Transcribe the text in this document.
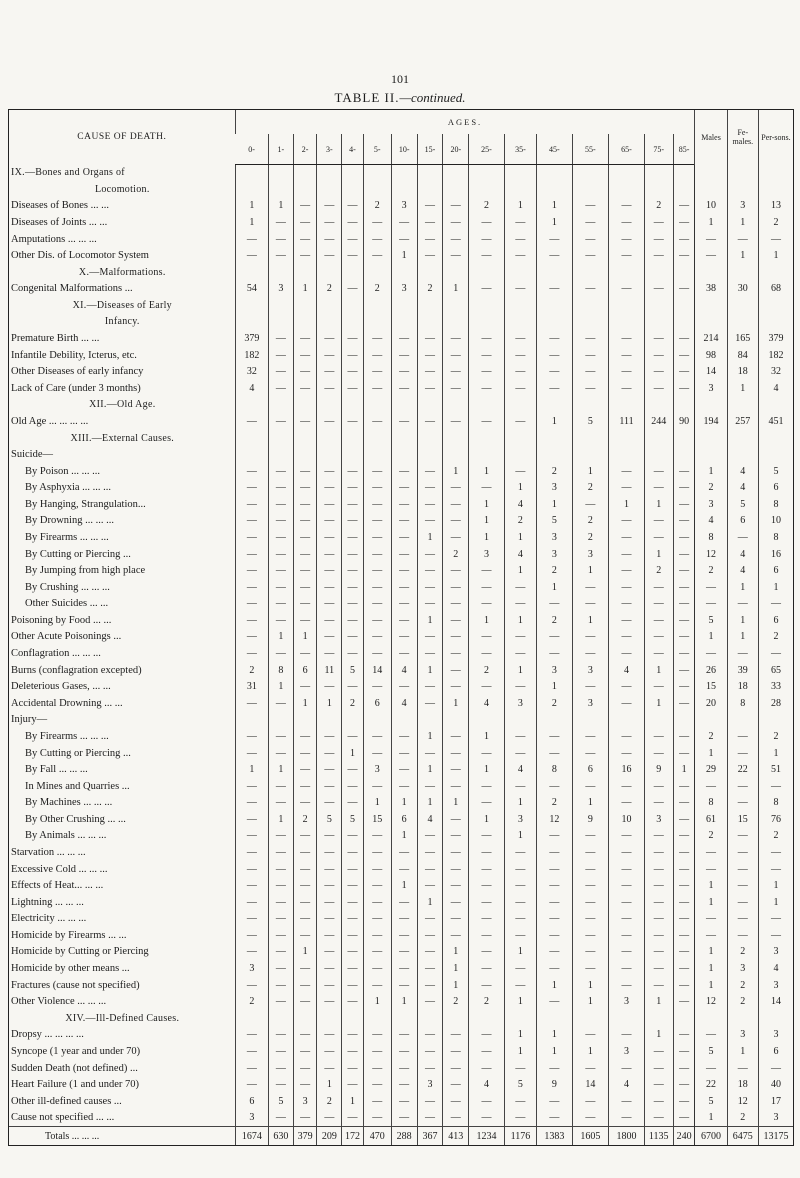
101
TABLE II.—continued.
CAUSE OF DEATH.	AGES.																Males	Fe-males.	Per-sons.
	0-	1-	2-	3-	4-	5-	10-	15-	20-	25-	35-	45-	55-	65-	75-	85-			
IX.—Bones and Organs of																			
Locomotion.																			
Diseases of Bones ... ...	1	1	—	—	—	2	3	—	—	2	1	1	—	—	2	—	10	3	13
Diseases of Joints ... ...	1	—	—	—	—	—	—	—	—	—	—	1	—	—	—	—	1	1	2
Amputations ... ... ...	—	—	—	—	—	—	—	—	—	—	—	—	—	—	—	—	—	—	—
Other Dis. of Locomotor System	—	—	—	—	—	—	1	—	—	—	—	—	—	—	—	—	—	1	1
X.—Malformations.																			
Congenital Malformations ...	54	3	1	2	—	2	3	2	1	—	—	—	—	—	—	—	38	30	68
XI.—Diseases of Early																			
Infancy.																			
Premature Birth ... ...	379	—	—	—	—	—	—	—	—	—	—	—	—	—	—	—	214	165	379
Infantile Debility, Icterus, etc.	182	—	—	—	—	—	—	—	—	—	—	—	—	—	—	—	98	84	182
Other Diseases of early infancy	32	—	—	—	—	—	—	—	—	—	—	—	—	—	—	—	14	18	32
Lack of Care (under 3 months)	4	—	—	—	—	—	—	—	—	—	—	—	—	—	—	—	3	1	4
XII.—Old Age.																			
Old Age ... ... ... ...	—	—	—	—	—	—	—	—	—	—	—	1	5	111	244	90	194	257	451
XIII.—External Causes.																			
Suicide—																			
By Poison ... ... ...	—	—	—	—	—	—	—	—	1	1	—	2	1	—	—	—	1	4	5
By Asphyxia ... ... ...	—	—	—	—	—	—	—	—	—	—	1	3	2	—	—	—	2	4	6
By Hanging, Strangulation...	—	—	—	—	—	—	—	—	—	1	4	1	—	1	1	—	3	5	8
By Drowning ... ... ...	—	—	—	—	—	—	—	—	—	1	2	5	2	—	—	—	4	6	10
By Firearms ... ... ...	—	—	—	—	—	—	—	1	—	1	1	3	2	—	—	—	8	—	8
By Cutting or Piercing ...	—	—	—	—	—	—	—	—	2	3	4	3	3	—	1	—	12	4	16
By Jumping from high place	—	—	—	—	—	—	—	—	—	—	1	2	1	—	2	—	2	4	6
By Crushing ... ... ...	—	—	—	—	—	—	—	—	—	—	—	1	—	—	—	—	—	1	1
Other Suicides ... ...	—	—	—	—	—	—	—	—	—	—	—	—	—	—	—	—	—	—	—
Poisoning by Food ... ...	—	—	—	—	—	—	—	1	—	1	1	2	1	—	—	—	5	1	6
Other Acute Poisonings ...	—	1	1	—	—	—	—	—	—	—	—	—	—	—	—	—	1	1	2
Conflagration ... ... ...	—	—	—	—	—	—	—	—	—	—	—	—	—	—	—	—	—	—	—
Burns (conflagration excepted)	2	8	6	11	5	14	4	1	—	2	1	3	3	4	1	—	26	39	65
Deleterious Gases, ... ...	31	1	—	—	—	—	—	—	—	—	—	1	—	—	—	—	15	18	33
Accidental Drowning ... ...	—	—	1	1	2	6	4	—	1	4	3	2	3	—	1	—	20	8	28
Injury—																			
By Firearms ... ... ...	—	—	—	—	—	—	—	1	—	1	—	—	—	—	—	—	2	—	2
By Cutting or Piercing ...	—	—	—	—	1	—	—	—	—	—	—	—	—	—	—	—	1	—	1
By Fall ... ... ...	1	1	—	—	—	3	—	1	—	1	4	8	6	16	9	1	29	22	51
In Mines and Quarries ...	—	—	—	—	—	—	—	—	—	—	—	—	—	—	—	—	—	—	—
By Machines ... ... ...	—	—	—	—	—	1	1	1	1	—	1	2	1	—	—	—	8	—	8
By Other Crushing ... ...	—	1	2	5	5	15	6	4	—	1	3	12	9	10	3	—	61	15	76
By Animals ... ... ...	—	—	—	—	—	—	1	—	—	—	1	—	—	—	—	—	2	—	2
Starvation ... ... ...	—	—	—	—	—	—	—	—	—	—	—	—	—	—	—	—	—	—	—
Excessive Cold ... ... ...	—	—	—	—	—	—	—	—	—	—	—	—	—	—	—	—	—	—	—
Effects of Heat... ... ...	—	—	—	—	—	—	1	—	—	—	—	—	—	—	—	—	1	—	1
Lightning ... ... ...	—	—	—	—	—	—	—	1	—	—	—	—	—	—	—	—	1	—	1
Electricity ... ... ...	—	—	—	—	—	—	—	—	—	—	—	—	—	—	—	—	—	—	—
Homicide by Firearms ... ...	—	—	—	—	—	—	—	—	—	—	—	—	—	—	—	—	—	—	—
Homicide by Cutting or Piercing	—	—	1	—	—	—	—	—	1	—	1	—	—	—	—	—	1	2	3
Homicide by other means ...	3	—	—	—	—	—	—	—	1	—	—	—	—	—	—	—	1	3	4
Fractures (cause not specified)	—	—	—	—	—	—	—	—	1	—	—	1	1	—	—	—	1	2	3
Other Violence ... ... ...	2	—	—	—	—	1	1	—	2	2	1	—	1	3	1	—	12	2	14
XIV.—Ill-Defined Causes.																			
Dropsy ... ... ... ...	—	—	—	—	—	—	—	—	—	—	1	1	—	—	1	—	—	3	3
Syncope (1 year and under 70)	—	—	—	—	—	—	—	—	—	—	1	1	1	3	—	—	5	1	6
Sudden Death (not defined) ...	—	—	—	—	—	—	—	—	—	—	—	—	—	—	—	—	—	—	—
Heart Failure (1 and under 70)	—	—	—	1	—	—	—	3	—	4	5	9	14	4	—	—	22	18	40
Other ill-defined causes ...	6	5	3	2	1	—	—	—	—	—	—	—	—	—	—	—	5	12	17
Cause not specified ... ...	3	—	—	—	—	—	—	—	—	—	—	—	—	—	—	—	1	2	3
Totals ... ... ...	1674	630	379	209	172	470	288	367	413	1234	1176	1383	1605	1800	1135	240	6700	6475	13175
